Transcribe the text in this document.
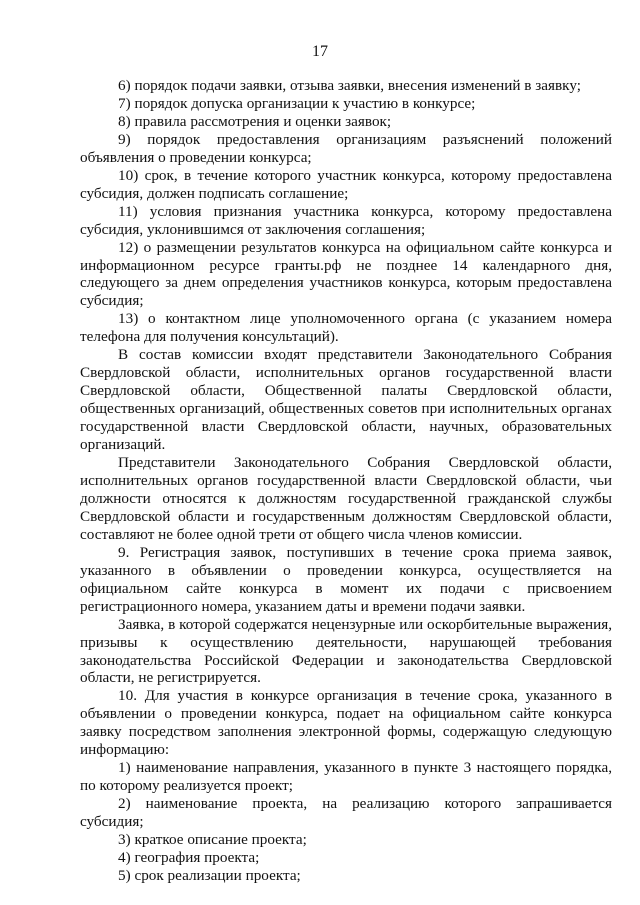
17

6) порядок подачи заявки, отзыва заявки, внесения изменений в заявку;

7) порядок допуска организации к участию в конкурсе;

8) правила рассмотрения и оценки заявок;

9) порядок предоставления организациям разъяснений положений объявления о проведении конкурса;

10) срок, в течение которого участник конкурса, которому предоставлена субсидия, должен подписать соглашение;

11) условия признания участника конкурса, которому предоставлена субсидия, уклонившимся от заключения соглашения;

12) о размещении результатов конкурса на официальном сайте конкурса и информационном ресурсе гранты.рф не позднее 14 календарного дня, следующего за днем определения участников конкурса, которым предоставлена субсидия;

13) о контактном лице уполномоченного органа (с указанием номера телефона для получения консультаций).

В состав комиссии входят представители Законодательного Собрания Свердловской области, исполнительных органов государственной власти Свердловской области, Общественной палаты Свердловской области, общественных организаций, общественных советов при исполнительных органах государственной власти Свердловской области, научных, образовательных организаций.

Представители Законодательного Собрания Свердловской области, исполнительных органов государственной власти Свердловской области, чьи должности относятся к должностям государственной гражданской службы Свердловской области и государственным должностям Свердловской области, составляют не более одной трети от общего числа членов комиссии.

9. Регистрация заявок, поступивших в течение срока приема заявок, указанного в объявлении о проведении конкурса, осуществляется на официальном сайте конкурса в момент их подачи с присвоением регистрационного номера, указанием даты и времени подачи заявки.

Заявка, в которой содержатся нецензурные или оскорбительные выражения, призывы к осуществлению деятельности, нарушающей требования законодательства Российской Федерации и законодательства Свердловской области, не регистрируется.

10. Для участия в конкурсе организация в течение срока, указанного в объявлении о проведении конкурса, подает на официальном сайте конкурса заявку посредством заполнения электронной формы, содержащую следующую информацию:

1) наименование направления, указанного в пункте 3 настоящего порядка, по которому реализуется проект;

2) наименование проекта, на реализацию которого запрашивается субсидия;

3) краткое описание проекта;

4) география проекта;

5) срок реализации проекта;
